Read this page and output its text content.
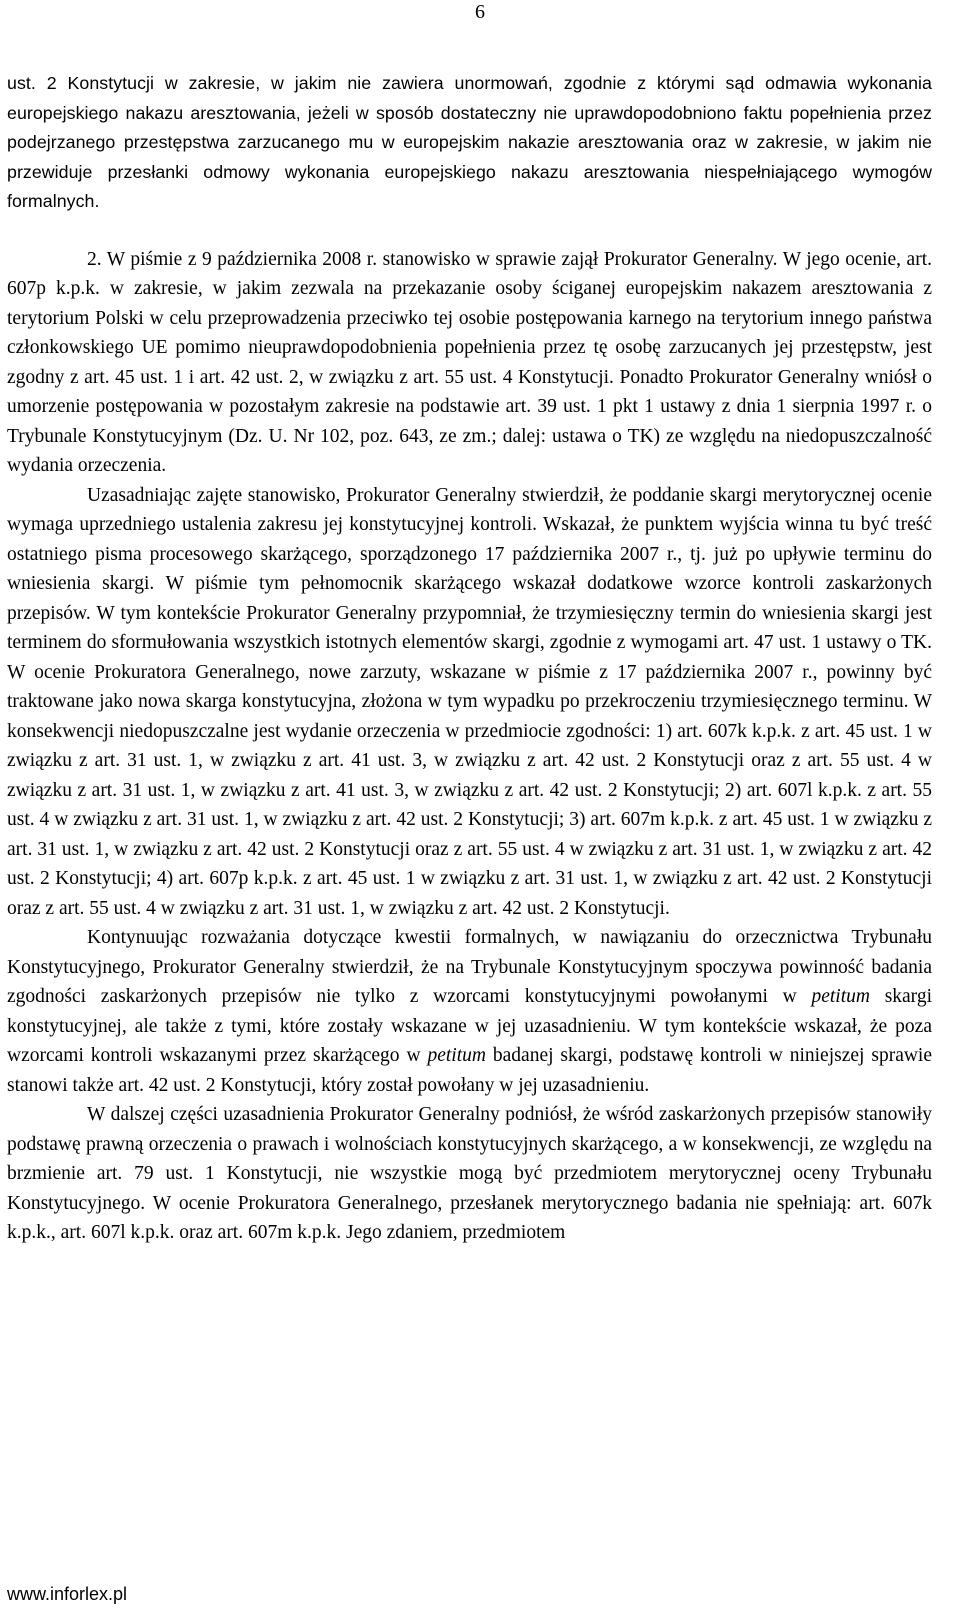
6

ust. 2 Konstytucji w zakresie, w jakim nie zawiera unormowań, zgodnie z którymi sąd odmawia wykonania europejskiego nakazu aresztowania, jeżeli w sposób dostateczny nie uprawdopodobniono faktu popełnienia przez podejrzanego przestępstwa zarzucanego mu w europejskim nakazie aresztowania oraz w zakresie, w jakim nie przewiduje przesłanki odmowy wykonania europejskiego nakazu aresztowania niespełniającego wymogów formalnych.

2. W piśmie z 9 października 2008 r. stanowisko w sprawie zajął Prokurator Generalny. W jego ocenie, art. 607p k.p.k. w zakresie, w jakim zezwala na przekazanie osoby ściganej europejskim nakazem aresztowania z terytorium Polski w celu przeprowadzenia przeciwko tej osobie postępowania karnego na terytorium innego państwa członkowskiego UE pomimo nieuprawdopodobnienia popełnienia przez tę osobę zarzucanych jej przestępstw, jest zgodny z art. 45 ust. 1 i art. 42 ust. 2, w związku z art. 55 ust. 4 Konstytucji. Ponadto Prokurator Generalny wniósł o umorzenie postępowania w pozostałym zakresie na podstawie art. 39 ust. 1 pkt 1 ustawy z dnia 1 sierpnia 1997 r. o Trybunale Konstytucyjnym (Dz. U. Nr 102, poz. 643, ze zm.; dalej: ustawa o TK) ze względu na niedopuszczalność wydania orzeczenia.

Uzasadniając zajęte stanowisko, Prokurator Generalny stwierdził, że poddanie skargi merytorycznej ocenie wymaga uprzedniego ustalenia zakresu jej konstytucyjnej kontroli. Wskazał, że punktem wyjścia winna tu być treść ostatniego pisma procesowego skarżącego, sporządzonego 17 października 2007 r., tj. już po upływie terminu do wniesienia skargi. W piśmie tym pełnomocnik skarżącego wskazał dodatkowe wzorce kontroli zaskarżonych przepisów. W tym kontekście Prokurator Generalny przypomniał, że trzymiesięczny termin do wniesienia skargi jest terminem do sformułowania wszystkich istotnych elementów skargi, zgodnie z wymogami art. 47 ust. 1 ustawy o TK. W ocenie Prokuratora Generalnego, nowe zarzuty, wskazane w piśmie z 17 października 2007 r., powinny być traktowane jako nowa skarga konstytucyjna, złożona w tym wypadku po przekroczeniu trzymiesięcznego terminu. W konsekwencji niedopuszczalne jest wydanie orzeczenia w przedmiocie zgodności: 1) art. 607k k.p.k. z art. 45 ust. 1 w związku z art. 31 ust. 1, w związku z art. 41 ust. 3, w związku z art. 42 ust. 2 Konstytucji oraz z art. 55 ust. 4 w związku z art. 31 ust. 1, w związku z art. 41 ust. 3, w związku z art. 42 ust. 2 Konstytucji; 2) art. 607l k.p.k. z art. 55 ust. 4 w związku z art. 31 ust. 1, w związku z art. 42 ust. 2 Konstytucji; 3) art. 607m k.p.k. z art. 45 ust. 1 w związku z art. 31 ust. 1, w związku z art. 42 ust. 2 Konstytucji oraz z art. 55 ust. 4 w związku z art. 31 ust. 1, w związku z art. 42 ust. 2 Konstytucji; 4) art. 607p k.p.k. z art. 45 ust. 1 w związku z art. 31 ust. 1, w związku z art. 42 ust. 2 Konstytucji oraz z art. 55 ust. 4 w związku z art. 31 ust. 1, w związku z art. 42 ust. 2 Konstytucji.

Kontynuując rozważania dotyczące kwestii formalnych, w nawiązaniu do orzecznictwa Trybunału Konstytucyjnego, Prokurator Generalny stwierdził, że na Trybunale Konstytucyjnym spoczywa powinność badania zgodności zaskarżonych przepisów nie tylko z wzorcami konstytucyjnymi powołanymi w petitum skargi konstytucyjnej, ale także z tymi, które zostały wskazane w jej uzasadnieniu. W tym kontekście wskazał, że poza wzorcami kontroli wskazanymi przez skarżącego w petitum badanej skargi, podstawę kontroli w niniejszej sprawie stanowi także art. 42 ust. 2 Konstytucji, który został powołany w jej uzasadnieniu.

W dalszej części uzasadnienia Prokurator Generalny podniósł, że wśród zaskarżonych przepisów stanowiły podstawę prawną orzeczenia o prawach i wolnościach konstytucyjnych skarżącego, a w konsekwencji, ze względu na brzmienie art. 79 ust. 1 Konstytucji, nie wszystkie mogą być przedmiotem merytorycznej oceny Trybunału Konstytucyjnego. W ocenie Prokuratora Generalnego, przesłanek merytorycznego badania nie spełniają: art. 607k k.p.k., art. 607l k.p.k. oraz art. 607m k.p.k. Jego zdaniem, przedmiotem

www.inforlex.pl
